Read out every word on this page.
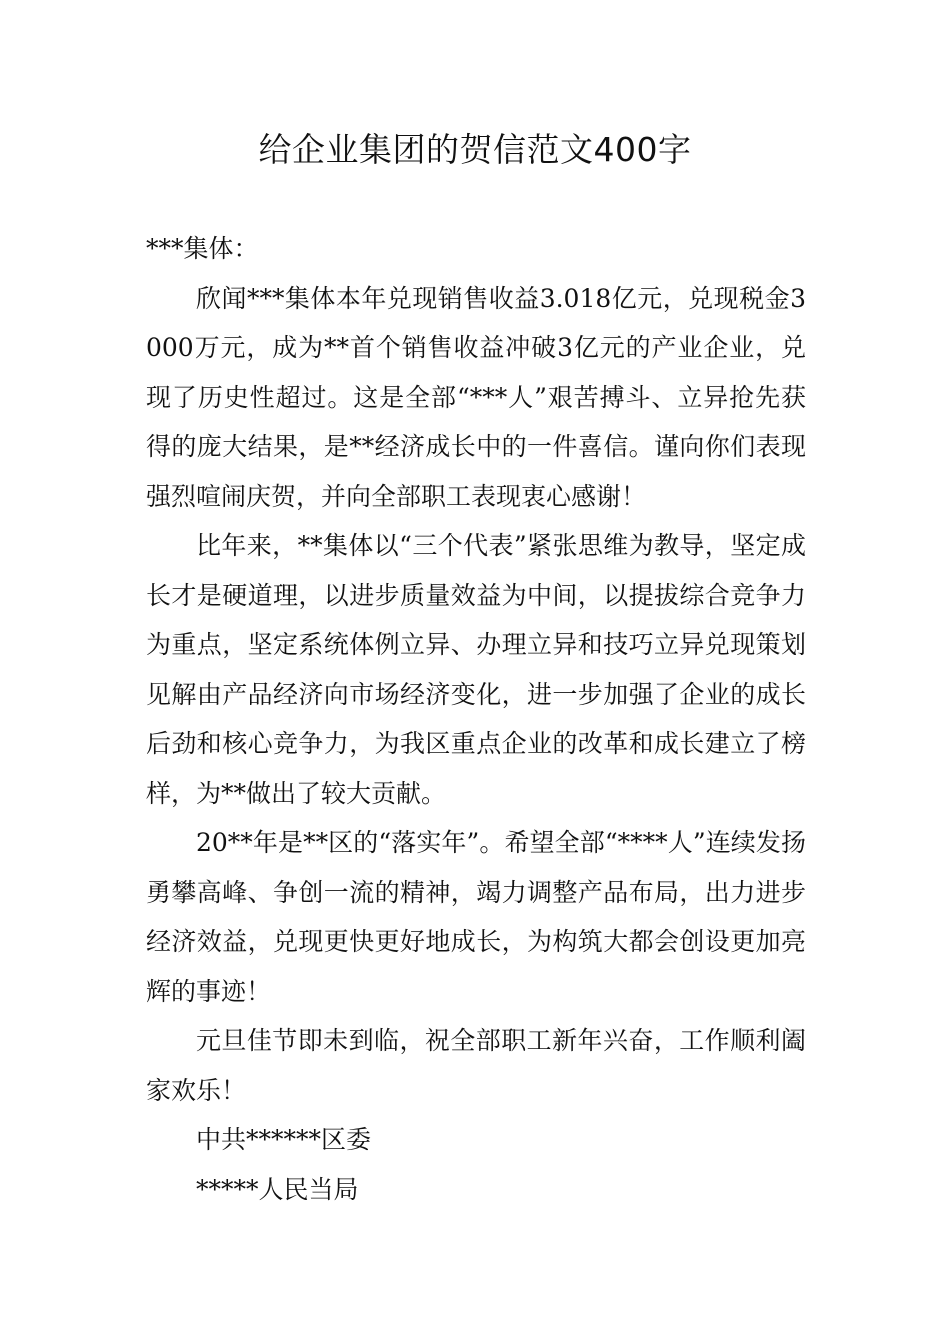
给企业集团的贺信范文400字

***集体：

欣闻***集体本年兑现销售收益3.018亿元，兑现税金3000万元，成为**首个销售收益冲破3亿元的产业企业，兑现了历史性超过。这是全部“***人”艰苦搏斗、立异抢先获得的庞大结果，是**经济成长中的一件喜信。谨向你们表现强烈喧闹庆贺，并向全部职工表现衷心感谢！

比年来，**集体以“三个代表”紧张思维为教导，坚定成长才是硬道理，以进步质量效益为中间，以提拔综合竞争力为重点，坚定系统体例立异、办理立异和技巧立异兑现策划见解由产品经济向市场经济变化，进一步加强了企业的成长后劲和核心竞争力，为我区重点企业的改革和成长建立了榜样，为**做出了较大贡献。

20**年是**区的“落实年”。希望全部“****人”连续发扬勇攀高峰、争创一流的精神，竭力调整产品布局，出力进步经济效益，兑现更快更好地成长，为构筑大都会创设更加亮辉的事迹！

元旦佳节即未到临，祝全部职工新年兴奋，工作顺利阖家欢乐！

中共******区委

*****人民当局
